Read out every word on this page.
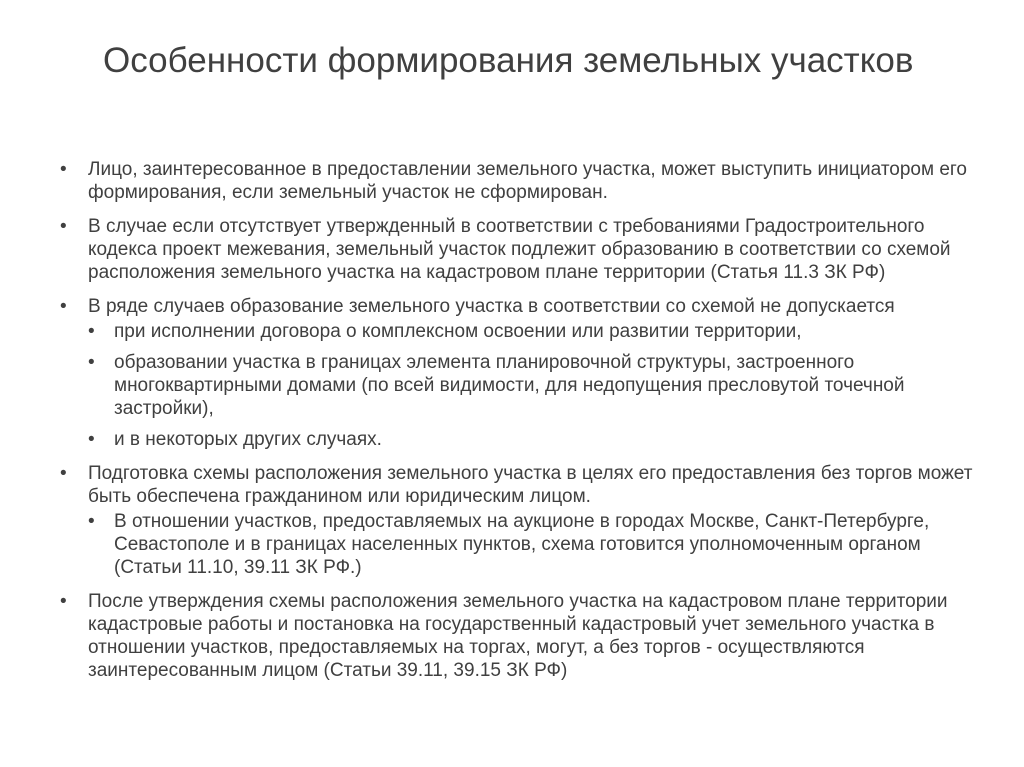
Особенности формирования земельных участков
• Лицо, заинтересованное в предоставлении земельного участка, может выступить инициатором его формирования, если земельный участок не сформирован.
• В случае если отсутствует утвержденный в соответствии с требованиями Градостроительного кодекса проект межевания, земельный участок подлежит образованию в соответствии со схемой расположения земельного участка на кадастровом плане территории (Статья 11.3 ЗК РФ)
• В ряде случаев образование земельного участка в соответствии со схемой не допускается
• при исполнении договора о комплексном освоении или развитии территории,
• образовании участка в границах элемента планировочной структуры, застроенного многоквартирными домами (по всей видимости, для недопущения пресловутой точечной застройки),
• и в некоторых других случаях.
• Подготовка схемы расположения земельного участка в целях его предоставления без торгов может быть обеспечена гражданином или юридическим лицом.
• В отношении участков, предоставляемых на аукционе в городах Москве, Санкт-Петербурге, Севастополе и в границах населенных пунктов, схема готовится уполномоченным органом (Статьи 11.10, 39.11 ЗК РФ.)
• После утверждения схемы расположения земельного участка на кадастровом плане территории кадастровые работы и постановка на государственный кадастровый учет земельного участка в отношении участков, предоставляемых на торгах, могут, а без торгов - осуществляются заинтересованным лицом (Статьи 39.11, 39.15 ЗК РФ)
